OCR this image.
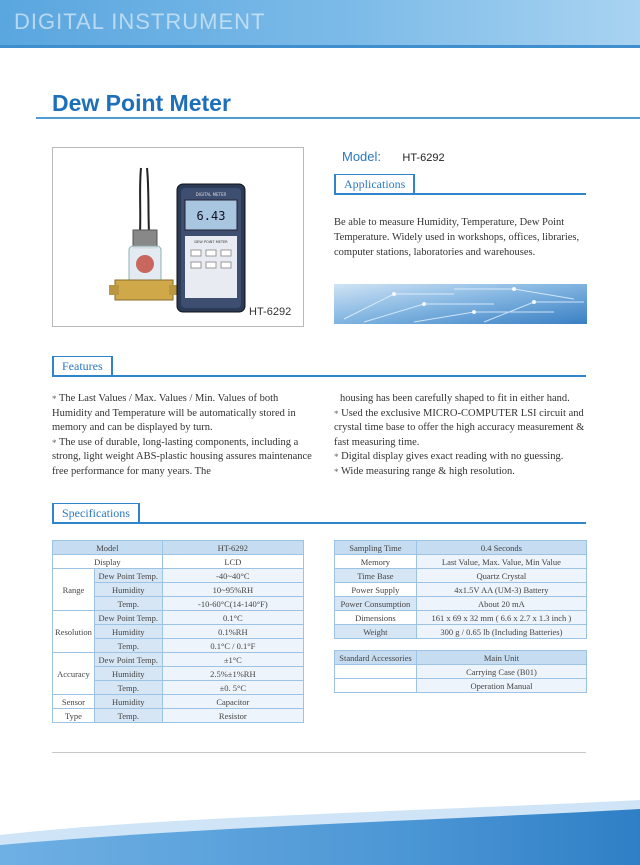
DIGITAL INSTRUMENT
Dew Point Meter
DIGITAL METER
6.43
DEW POINT METER
HT-6292
Model: HT-6292
Applications
Be able to measure Humidity, Temperature, Dew Point Temperature. Widely used in workshops, offices, libraries, computer stations, laboratories and warehouses.
Features

* The Last Values / Max. Values / Min. Values of both Humidity and Temperature will be automatically stored in memory and can be displayed by turn.

* The use of durable, long-lasting components, including a strong, light weight ABS-plastic housing assures maintenance free performance for many years. The

housing has been carefully shaped to fit in either hand.

* Used the exclusive MICRO-COMPUTER LSI circuit and crystal time base to offer the high accuracy measurement & fast measuring time.

* Digital display gives exact reading with no guessing.

* Wide measuring range & high resolution.

Specifications
Model		HT-6292
Display		LCD
Range	Dew Point Temp.	-40~40°C
	Humidity	10~95%RH
	Temp.	-10-60°C(14-140°F)
Resolution	Dew Point Temp.	0.1°C
	Humidity	0.1%RH
	Temp.	0.1°C / 0.1°F
Accuracy	Dew Point Temp.	±1°C
	Humidity	2.5%±1%RH
	Temp.	±0. 5°C
Sensor	Humidity	Capacitor
Type	Temp.	Resistor
Sampling Time	0.4 Seconds
Memory	Last Value, Max. Value, Min Value
Time Base	Quartz Crystal
Power Supply	4x1.5V AA (UM-3) Battery
Power Consumption	About 20 mA
Dimensions	161 x 69 x 32 mm ( 6.6 x 2.7 x 1.3 inch )
Weight	300 g / 0.65 lb (Including Batteries)
Standard Accessories	Main Unit
	Carrying Case (B01)
	Operation Manual
